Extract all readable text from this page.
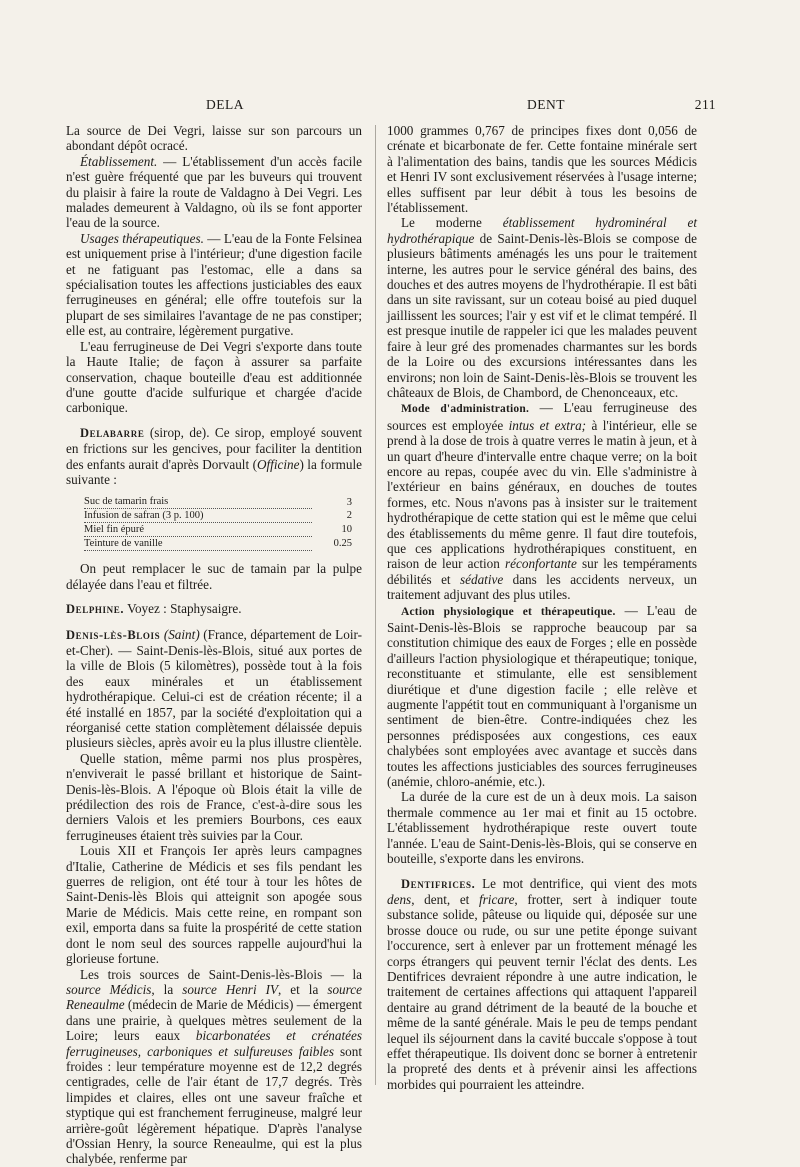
DELA	DENT	211

La source de Dei Vegri, laisse sur son parcours un abondant dépôt ocracé.

Établissement. — L'établissement d'un accès facile n'est guère fréquenté que par les buveurs qui trouvent du plaisir à faire la route de Valdagno à Dei Vegri. Les malades demeurent à Valdagno, où ils se font apporter l'eau de la source.

Usages thérapeutiques. — L'eau de la Fonte Felsinea est uniquement prise à l'intérieur; d'une digestion facile et ne fatiguant pas l'estomac, elle a dans sa spécialisation toutes les affections justiciables des eaux ferrugineuses en général; elle offre toutefois sur la plupart de ses similaires l'avantage de ne pas constiper; elle est, au contraire, légèrement purgative.

L'eau ferrugineuse de Dei Vegri s'exporte dans toute la Haute Italie; de façon à assurer sa parfaite conservation, chaque bouteille d'eau est additionnée d'une goutte d'acide sulfurique et chargée d'acide carbonique.

Delabarre (sirop, de). Ce sirop, employé souvent en frictions sur les gencives, pour faciliter la dentition des enfants aurait d'après Dorvault (Officine) la formule suivante :

Suc de tamarin frais	3
Infusion de safran (3 p. 100)	2
Miel fin épuré	10
Teinture de vanille	0.25

On peut remplacer le suc de tamain par la pulpe délayée dans l'eau et filtrée.

Delphine. Voyez : Staphysaigre.

Denis-lès-Blois (Saint) (France, département de Loir-et-Cher). — Saint-Denis-lès-Blois, situé aux portes de la ville de Blois (5 kilomètres), possède tout à la fois des eaux minérales et un établissement hydrothérapique. Celui-ci est de création récente; il a été installé en 1857, par la société d'exploitation qui a réorganisé cette station complètement délaissée depuis plusieurs siècles, après avoir eu la plus illustre clientèle.

Quelle station, même parmi nos plus prospères, n'enviverait le passé brillant et historique de Saint-Denis-lès-Blois. A l'époque où Blois était la ville de prédilection des rois de France, c'est-à-dire sous les derniers Valois et les premiers Bourbons, ces eaux ferrugineuses étaient très suivies par la Cour.

Louis XII et François Ier après leurs campagnes d'Italie, Catherine de Médicis et ses fils pendant les guerres de religion, ont été tour à tour les hôtes de Saint-Denis-lès Blois qui atteignit son apogée sous Marie de Médicis. Mais cette reine, en rompant son exil, emporta dans sa fuite la prospérité de cette station dont le nom seul des sources rappelle aujourd'hui la glorieuse fortune.

Les trois sources de Saint-Denis-lès-Blois — la source Médicis, la source Henri IV, et la source Reneaulme (médecin de Marie de Médicis) — émergent dans une prairie, à quelques mètres seulement de la Loire; leurs eaux bicarbonatées et crénatées ferrugineuses, carboniques et sulfureuses faibles sont froides : leur température moyenne est de 12,2 degrés centigrades, celle de l'air étant de 17,7 degrés. Très limpides et claires, elles ont une saveur fraîche et styptique qui est franchement ferrugineuse, malgré leur arrière-goût légèrement hépatique. D'après l'analyse d'Ossian Henry, la source Reneaulme, qui est la plus chalybée, renferme par

1000 grammes 0,767 de principes fixes dont 0,056 de crénate et bicarbonate de fer. Cette fontaine minérale sert à l'alimentation des bains, tandis que les sources Médicis et Henri IV sont exclusivement réservées à l'usage interne; elles suffisent par leur débit à tous les besoins de l'établissement.

Le moderne établissement hydrominéral et hydrothérapique de Saint-Denis-lès-Blois se compose de plusieurs bâtiments aménagés les uns pour le traitement interne, les autres pour le service général des bains, des douches et des autres moyens de l'hydrothérapie. Il est bâti dans un site ravissant, sur un coteau boisé au pied duquel jaillissent les sources; l'air y est vif et le climat tempéré. Il est presque inutile de rappeler ici que les malades peuvent faire à leur gré des promenades charmantes sur les bords de la Loire ou des excursions intéressantes dans les environs; non loin de Saint-Denis-lès-Blois se trouvent les châteaux de Blois, de Chambord, de Chenonceaux, etc.

Mode d'administration. — L'eau ferrugineuse des sources est employée intus et extra; à l'intérieur, elle se prend à la dose de trois à quatre verres le matin à jeun, et à un quart d'heure d'intervalle entre chaque verre; on la boit encore au repas, coupée avec du vin. Elle s'administre à l'extérieur en bains généraux, en douches de toutes formes, etc. Nous n'avons pas à insister sur le traitement hydrothérapique de cette station qui est le même que celui des établissements du même genre. Il faut dire toutefois, que ces applications hydrothérapiques constituent, en raison de leur action réconfortante sur les tempéraments débilités et sédative dans les accidents nerveux, un traitement adjuvant des plus utiles.

Action physiologique et thérapeutique. — L'eau de Saint-Denis-lès-Blois se rapproche beaucoup par sa constitution chimique des eaux de Forges ; elle en possède d'ailleurs l'action physiologique et thérapeutique; tonique, reconstituante et stimulante, elle est sensiblement diurétique et d'une digestion facile ; elle relève et augmente l'appétit tout en communiquant à l'organisme un sentiment de bien-être. Contre-indiquées chez les personnes prédisposées aux congestions, ces eaux chalybées sont employées avec avantage et succès dans toutes les affections justiciables des sources ferrugineuses (anémie, chloro-anémie, etc.).

La durée de la cure est de un à deux mois. La saison thermale commence au 1er mai et finit au 15 octobre. L'établissement hydrothérapique reste ouvert toute l'année. L'eau de Saint-Denis-lès-Blois, qui se conserve en bouteille, s'exporte dans les environs.

Dentifrices. Le mot dentrifice, qui vient des mots dens, dent, et fricare, frotter, sert à indiquer toute substance solide, pâteuse ou liquide qui, déposée sur une brosse douce ou rude, ou sur une petite éponge suivant l'occurence, sert à enlever par un frottement ménagé les corps étrangers qui peuvent ternir l'éclat des dents. Les Dentifrices devraient répondre à une autre indication, le traitement de certaines affections qui attaquent l'appareil dentaire au grand détriment de la beauté de la bouche et même de la santé générale. Mais le peu de temps pendant lequel ils séjournent dans la cavité buccale s'oppose à tout effet thérapeutique. Ils doivent donc se borner à entretenir la propreté des dents et à prévenir ainsi les affections morbides qui pourraient les atteindre.
